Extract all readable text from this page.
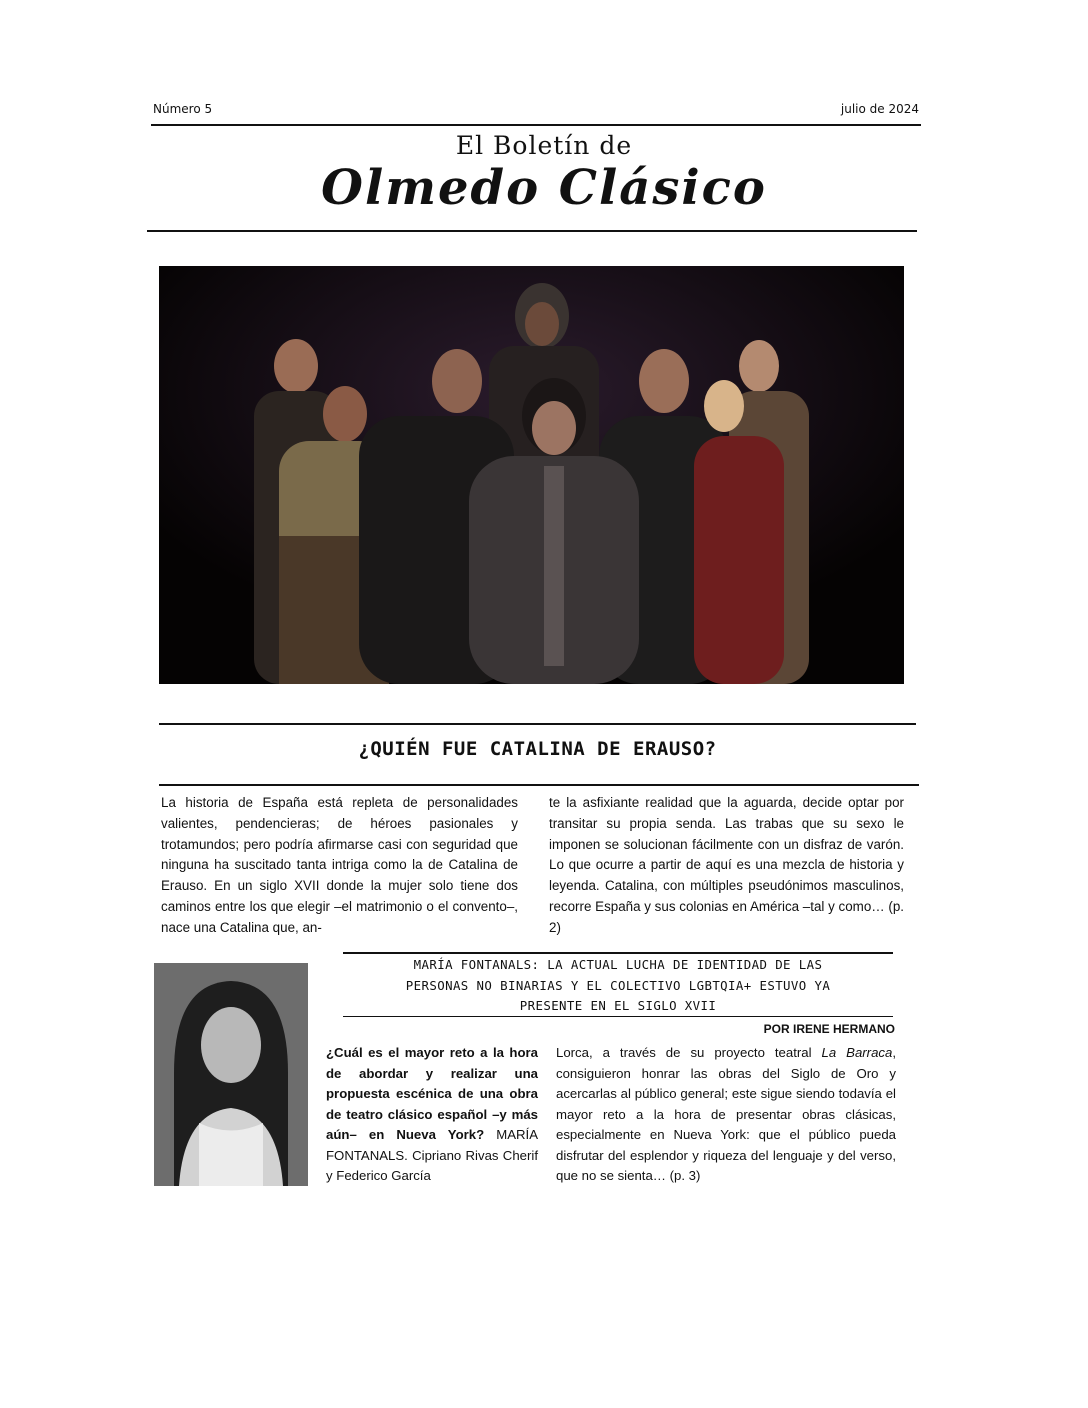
Número 5	julio de 2024
El Boletín de
Olmedo Clásico
¿QUIÉN FUE CATALINA DE ERAUSO?
La historia de España está repleta de personalidades valientes, pendencieras; de héroes pasionales y trotamundos; pero podría afirmarse casi con seguridad que ninguna ha suscitado tanta intriga como la de Catalina de Erauso. En un siglo XVII donde la mujer solo tiene dos caminos entre los que elegir –el matrimonio o el convento–, nace una Catalina que, an-
te la asfixiante realidad que la aguarda, decide optar por transitar su propia senda. Las trabas que su sexo le imponen se solucionan fácilmente con un disfraz de varón. Lo que ocurre a partir de aquí es una mezcla de historia y leyenda. Catalina, con múltiples pseudónimos masculinos, recorre España y sus colonias en América –tal y como… (p. 2)
MARÍA FONTANALS: LA ACTUAL LUCHA DE IDENTIDAD DE LAS
PERSONAS NO BINARIAS Y EL COLECTIVO LGBTQIA+ ESTUVO YA
PRESENTE EN EL SIGLO XVII
POR IRENE HERMANO
¿Cuál es el mayor reto a la hora de abordar y realizar una propuesta escénica de una obra de teatro clásico español –y más aún– en Nueva York? MARÍA FONTANALS. Cipriano Rivas Cherif y Federico García
Lorca, a través de su proyecto teatral La Barraca, consiguieron honrar las obras del Siglo de Oro y acercarlas al público general; este sigue siendo todavía el mayor reto a la hora de presentar obras clásicas, especialmente en Nueva York: que el público pueda disfrutar del esplendor y riqueza del lenguaje y del verso, que no se sienta… (p. 3)
